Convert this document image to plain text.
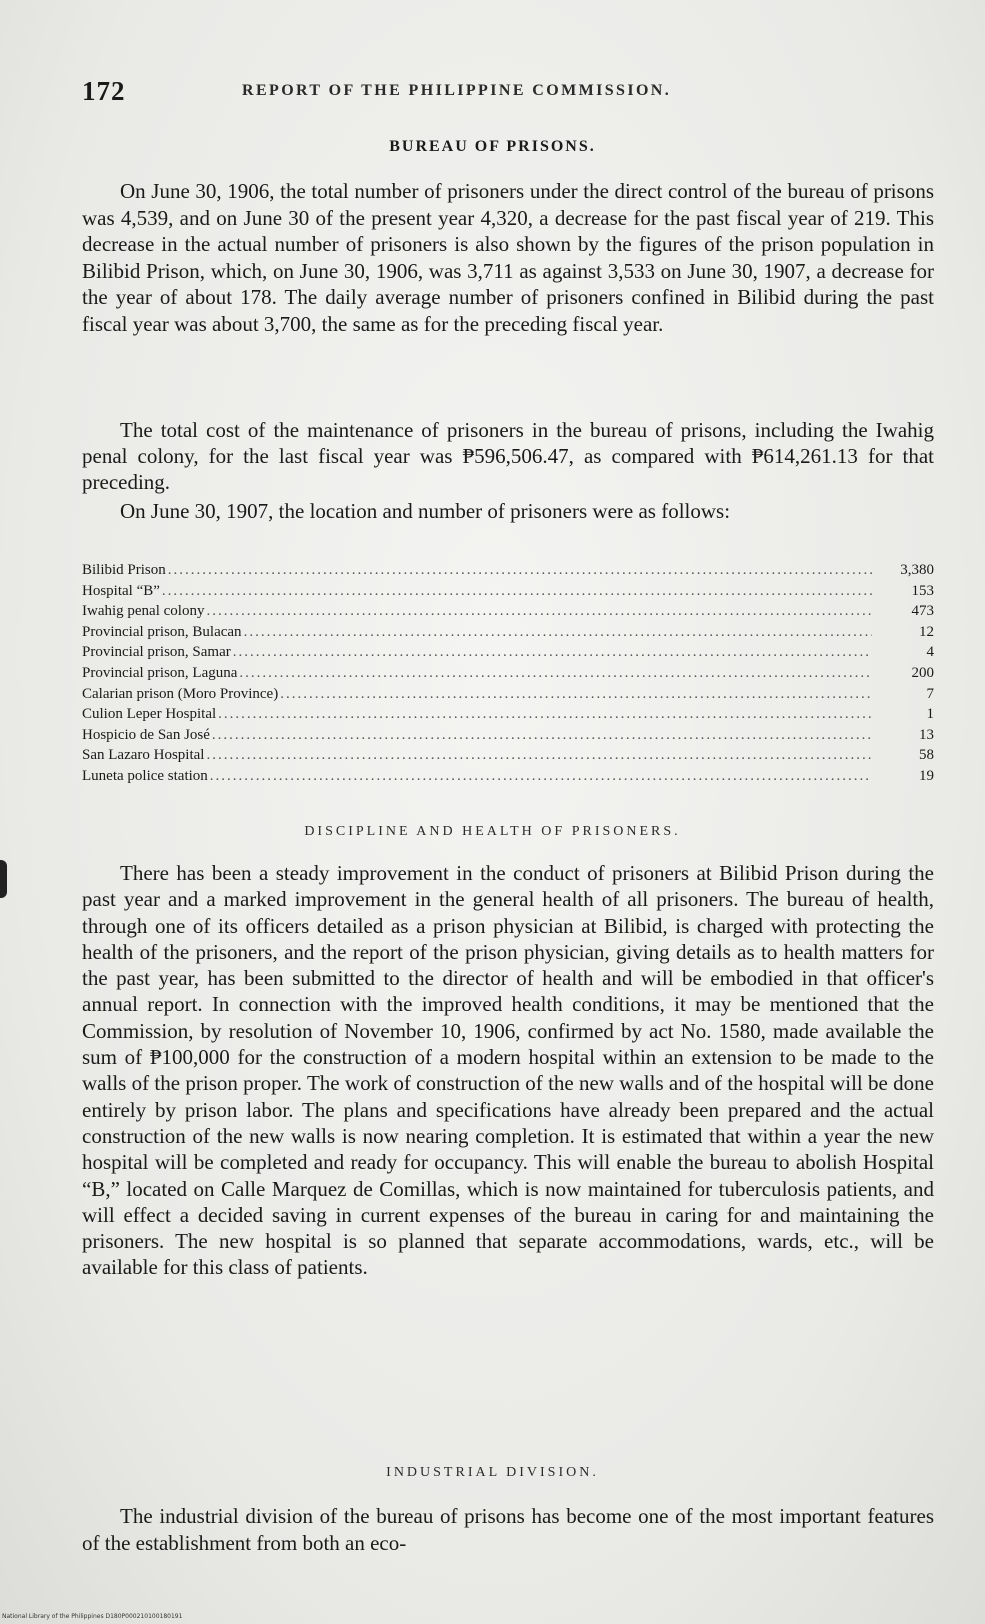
172	REPORT OF THE PHILIPPINE COMMISSION.
BUREAU OF PRISONS.

On June 30, 1906, the total number of prisoners under the direct control of the bureau of prisons was 4,539, and on June 30 of the present year 4,320, a decrease for the past fiscal year of 219. This decrease in the actual number of prisoners is also shown by the figures of the prison population in Bilibid Prison, which, on June 30, 1906, was 3,711 as against 3,533 on June 30, 1907, a decrease for the year of about 178. The daily average number of prisoners confined in Bilibid during the past fiscal year was about 3,700, the same as for the preceding fiscal year.

The total cost of the maintenance of prisoners in the bureau of prisons, including the Iwahig penal colony, for the last fiscal year was ₱596,506.47, as compared with ₱614,261.13 for that preceding.

On June 30, 1907, the location and number of prisoners were as follows:

Bilibid Prison .....	3,380
Hospital “B” .....	153
Iwahig penal colony .....	473
Provincial prison, Bulacan .....	12
Provincial prison, Samar .....	4
Provincial prison, Laguna .....	200
Calarian prison (Moro Province) .....	7
Culion Leper Hospital .....	1
Hospicio de San José .....	13
San Lazaro Hospital .....	58
Luneta police station .....	19
DISCIPLINE AND HEALTH OF PRISONERS.

There has been a steady improvement in the conduct of prisoners at Bilibid Prison during the past year and a marked improvement in the general health of all prisoners. The bureau of health, through one of its officers detailed as a prison physician at Bilibid, is charged with protecting the health of the prisoners, and the report of the prison physician, giving details as to health matters for the past year, has been submitted to the director of health and will be embodied in that officer's annual report. In connection with the improved health conditions, it may be mentioned that the Commission, by resolution of November 10, 1906, confirmed by act No. 1580, made available the sum of ₱100,000 for the construction of a modern hospital within an extension to be made to the walls of the prison proper. The work of construction of the new walls and of the hospital will be done entirely by prison labor. The plans and specifications have already been prepared and the actual construction of the new walls is now nearing completion. It is estimated that within a year the new hospital will be completed and ready for occupancy. This will enable the bureau to abolish Hospital “B,” located on Calle Marquez de Comillas, which is now maintained for tuberculosis patients, and will effect a decided saving in current expenses of the bureau in caring for and maintaining the prisoners. The new hospital is so planned that separate accommodations, wards, etc., will be available for this class of patients.

INDUSTRIAL DIVISION.

The industrial division of the bureau of prisons has become one of the most important features of the establishment from both an eco-

National Library of the Philippines D180P000210100180191
